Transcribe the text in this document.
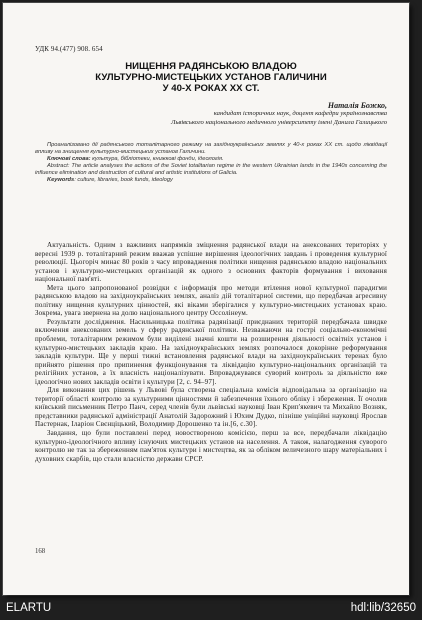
УДК 94.(477) 908. 654
НИЩЕННЯ РАДЯНСЬКОЮ ВЛАДОЮ
КУЛЬТУРНО-МИСТЕЦЬКИХ УСТАНОВ ГАЛИЧИНИ
У 40-Х РОКАХ ХХ СТ.
Наталія Божко,
кандидат історичних наук, доцент кафедри українознавства
Львівського національного медичного університету імені Данила Галицького

Проаналізовано дії радянського тоталітарного режиму на західноукраїнських землях у 40-х роках ХХ ст. щодо ліквідації впливу на знищення культурно-мистецьких установ Галичини.

Ключові слова: культура, бібліотеки, книжкові фонди, ідеологія.

Abstract: The article analyses the actions of the Soviet totalitarian regime in the western Ukrainian lands in the 1940s concerning the influence elimination and destruction of cultural and artistic institutions of Galicia.

Keywords: culture, libraries, book funds, ideology

Актуальність. Одним з важливих напрямків зміцнення радянської влади на анексованих територіях у вересні 1939 р. тоталітарний режим вважав успішне вирішення ідеологічних завдань і проведення культурної революції. Цьогоріч минає 80 років з часу впровадження політики нищення радянською владою національних установ і культурно-мистецьких організацій як одного з основних факторів формування і виховання національної пам'яті.

Мета цього запропонованої розвідки є інформація про методи втілення нової культурної парадигми радянською владою на західноукраїнських землях, аналіз дій тоталітарної системи, що передбачав агресивну політику нищення культурних цінностей, які віками зберігалися у культурно-мистецьких установах краю. Зокрема, увага звернена на долю національного центру Оссолінеум.

Результати дослідження. Насильницька політика радянізації приєднаних територій передбачала швидке включення анексованих земель у сферу радянської політики. Незважаючи на гострі соціально-економічні проблеми, тоталітарним режимом були виділені значні кошти на розширення діяльності освітніх установ і культурно-мистецьких закладів краю. На західноукраїнських землях розпочалося докорінне реформування закладів культури. Ще у перші тижні встановлення радянської влади на західноукраїнських теренах було прийнято рішення про припинення функціонування та ліквідацію культурно-національних організацій та релігійних установ, а їх власність націоналізувати. Впроваджувався суворий контроль за діяльністю вже ідеологічно нових закладів освіти і культури [2, с. 94–97].

Для виконання цих рішень у Львові була створена спеціальна комісія відповідальна за організацію на території області контролю за культурними цінностями й забезпечення їхнього обліку і збереження. Її очолив київський письменник Петро Панч, серед членів були львівські науковці Іван Крип'якевич та Михайло Возняк, представники радянської адміністрації Анатолій Задорожний і Юхим Дудко, пізніше уніційні науковці Ярослав Пастернак, Іларіон Свєнціцький, Володимир Дорошенко та ін.[6, с.30].

Завдання, що були поставлені перед новоствореною комісією, перш за все, передбачали ліквідацію культурно-ідеологічного впливу існуючих мистецьких установ на населення. А також, налагодження суворого контролю не так за збереженням пам'яток культури і мистецтва, як за обліком величезного шару матеріальних і духовних скарбів, що стали власністю держави СРСР.

168
ELARTU	hdl:lib/32650
